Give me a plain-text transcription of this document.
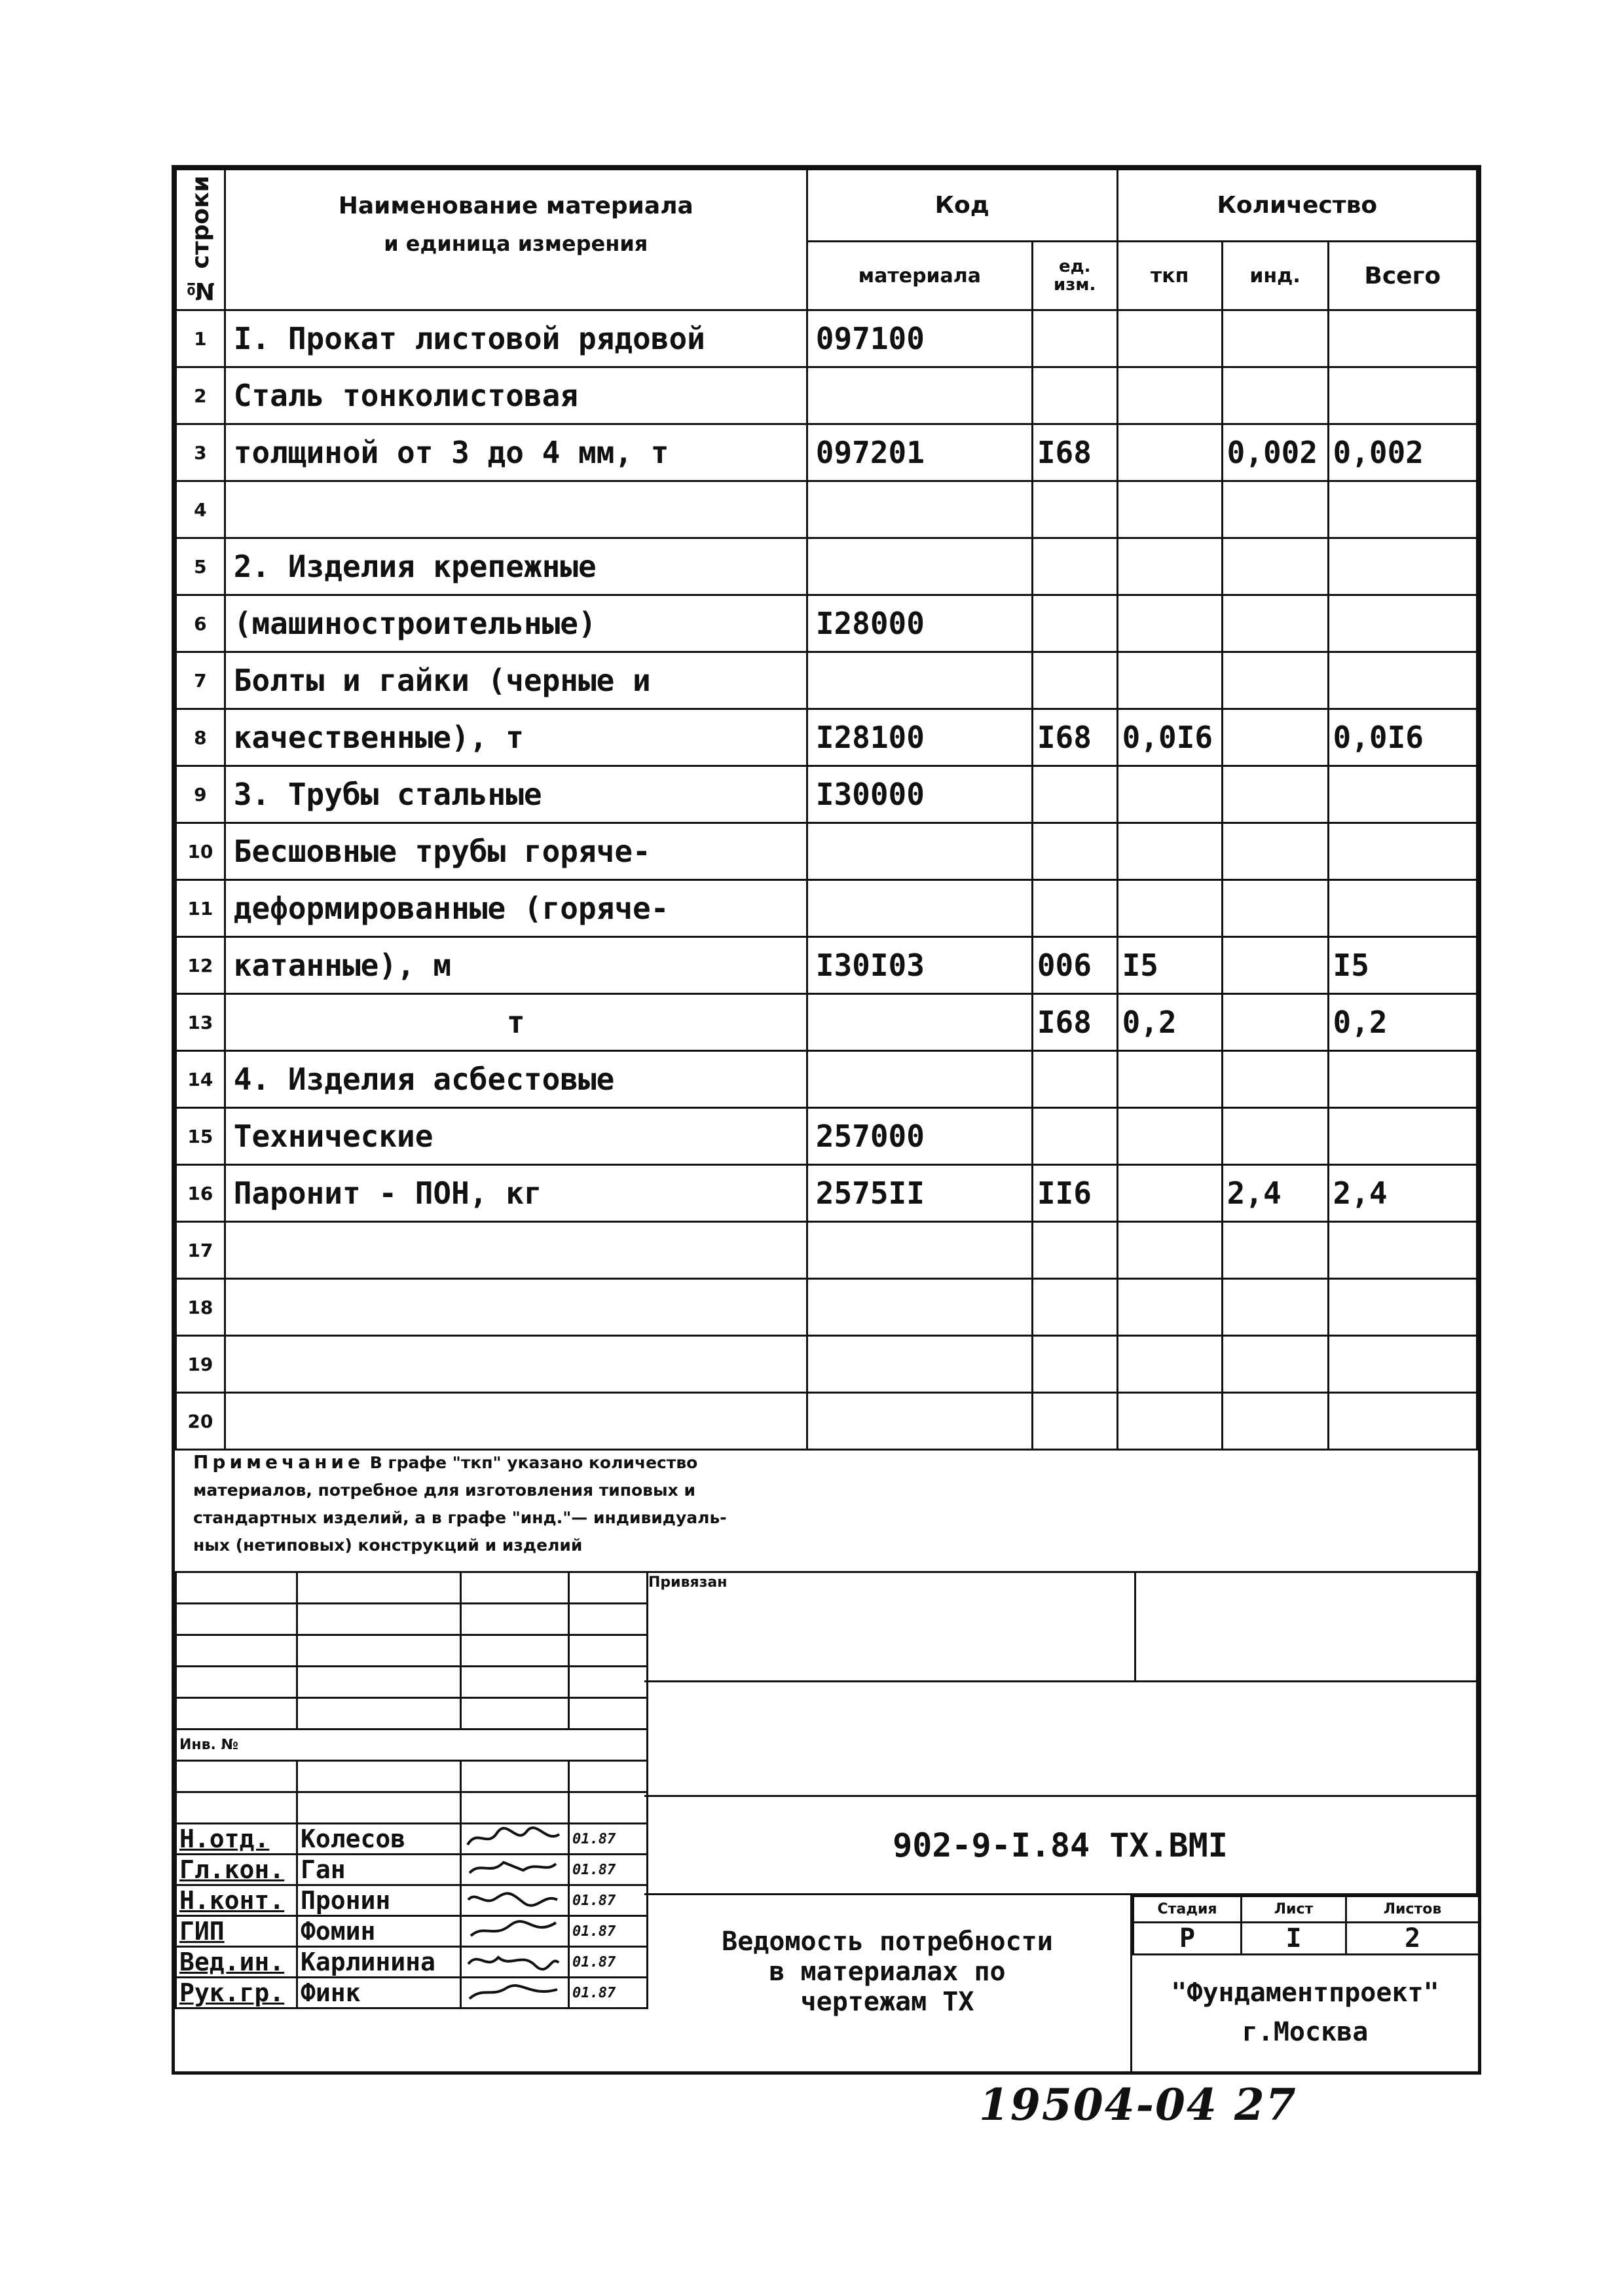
№ строки	Наименование материала
и единица измерения	Код		Количество		
		материала	ед. изм.	ткп	инд.	Всего
1	I. Прокат листовой рядовой	097100				
2	Сталь тонколистовая					
3	толщиной от 3 до 4 мм, т	097201	I68		0,002	0,002
4						
5	2. Изделия крепежные					
6	(машиностроительные)	I28000				
7	Болты и гайки (черные и					
8	качественные), т	I28100	I68	0,0I6		0,0I6
9	3. Трубы стальные	I30000				
10	Бесшовные трубы горяче-					
11	деформированные (горяче-					
12	катанные), м	I30I03	006	I5		I5
13	т		I68	0,2		0,2
14	4. Изделия асбестовые					
15	Технические	257000				
16	Паронит - ПОН, кг	2575II	II6		2,4	2,4
17						
18						
19						
20						
Примечание В графе "ткп" указано количество
материалов, потребное для изготовления типовых и
стандартных изделий, а в графе "инд."— индивидуаль-
ных (нетиповых) конструкций и изделий

Инв. №			

Н.отд.	Колесов		01.87
Гл.кон.	Ган		01.87
Н.конт.	Пронин		01.87
ГИП	Фомин		01.87
Вед.ин.	Карлинина		01.87
Рук.гр.	Финк		01.87
Привязан
902-9-I.84 ТХ.ВМI
Ведомость потребности
в материалах по
чертежам ТХ
Стадия	Лист	Листов
Р	I	2
"Фундаментпроект"
г.Москва
19504-04 27
